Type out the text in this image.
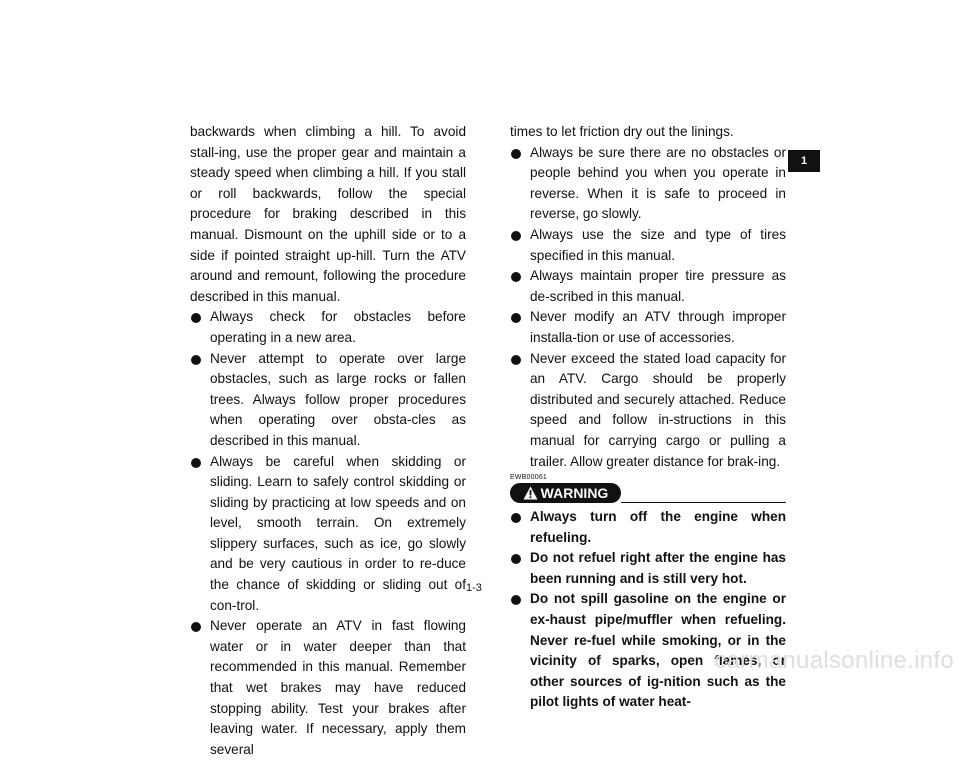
backwards when climbing a hill. To avoid stall-ing, use the proper gear and maintain a steady speed when climbing a hill. If you stall or roll backwards, follow the special procedure for braking described in this manual. Dismount on the uphill side or to a side if pointed straight up-hill. Turn the ATV around and remount, following the procedure described in this manual.
Always check for obstacles before operating in a new area.
Never attempt to operate over large obstacles, such as large rocks or fallen trees. Always follow proper procedures when operating over obsta-cles as described in this manual.
Always be careful when skidding or sliding. Learn to safely control skidding or sliding by practicing at low speeds and on level, smooth terrain. On extremely slippery surfaces, such as ice, go slowly and be very cautious in order to re-duce the chance of skidding or sliding out of con-trol.
Never operate an ATV in fast flowing water or in water deeper than that recommended in this manual. Remember that wet brakes may have reduced stopping ability. Test your brakes after leaving water. If necessary, apply them several
times to let friction dry out the linings.
Always be sure there are no obstacles or people behind you when you operate in reverse. When it is safe to proceed in reverse, go slowly.
Always use the size and type of tires specified in this manual.
Always maintain proper tire pressure as de-scribed in this manual.
Never modify an ATV through improper installa-tion or use of accessories.
Never exceed the stated load capacity for an ATV. Cargo should be properly distributed and securely attached. Reduce speed and follow in-structions in this manual for carrying cargo or pulling a trailer. Allow greater distance for brak-ing.
EWB00061
WARNING
Always turn off the engine when refueling.
Do not refuel right after the engine has been running and is still very hot.
Do not spill gasoline on the engine or ex-haust pipe/muffler when refueling. Never re-fuel while smoking, or in the vicinity of sparks, open flames, or other sources of ig-nition such as the pilot lights of water heat-
1
1-3
carmanualsonline.info
